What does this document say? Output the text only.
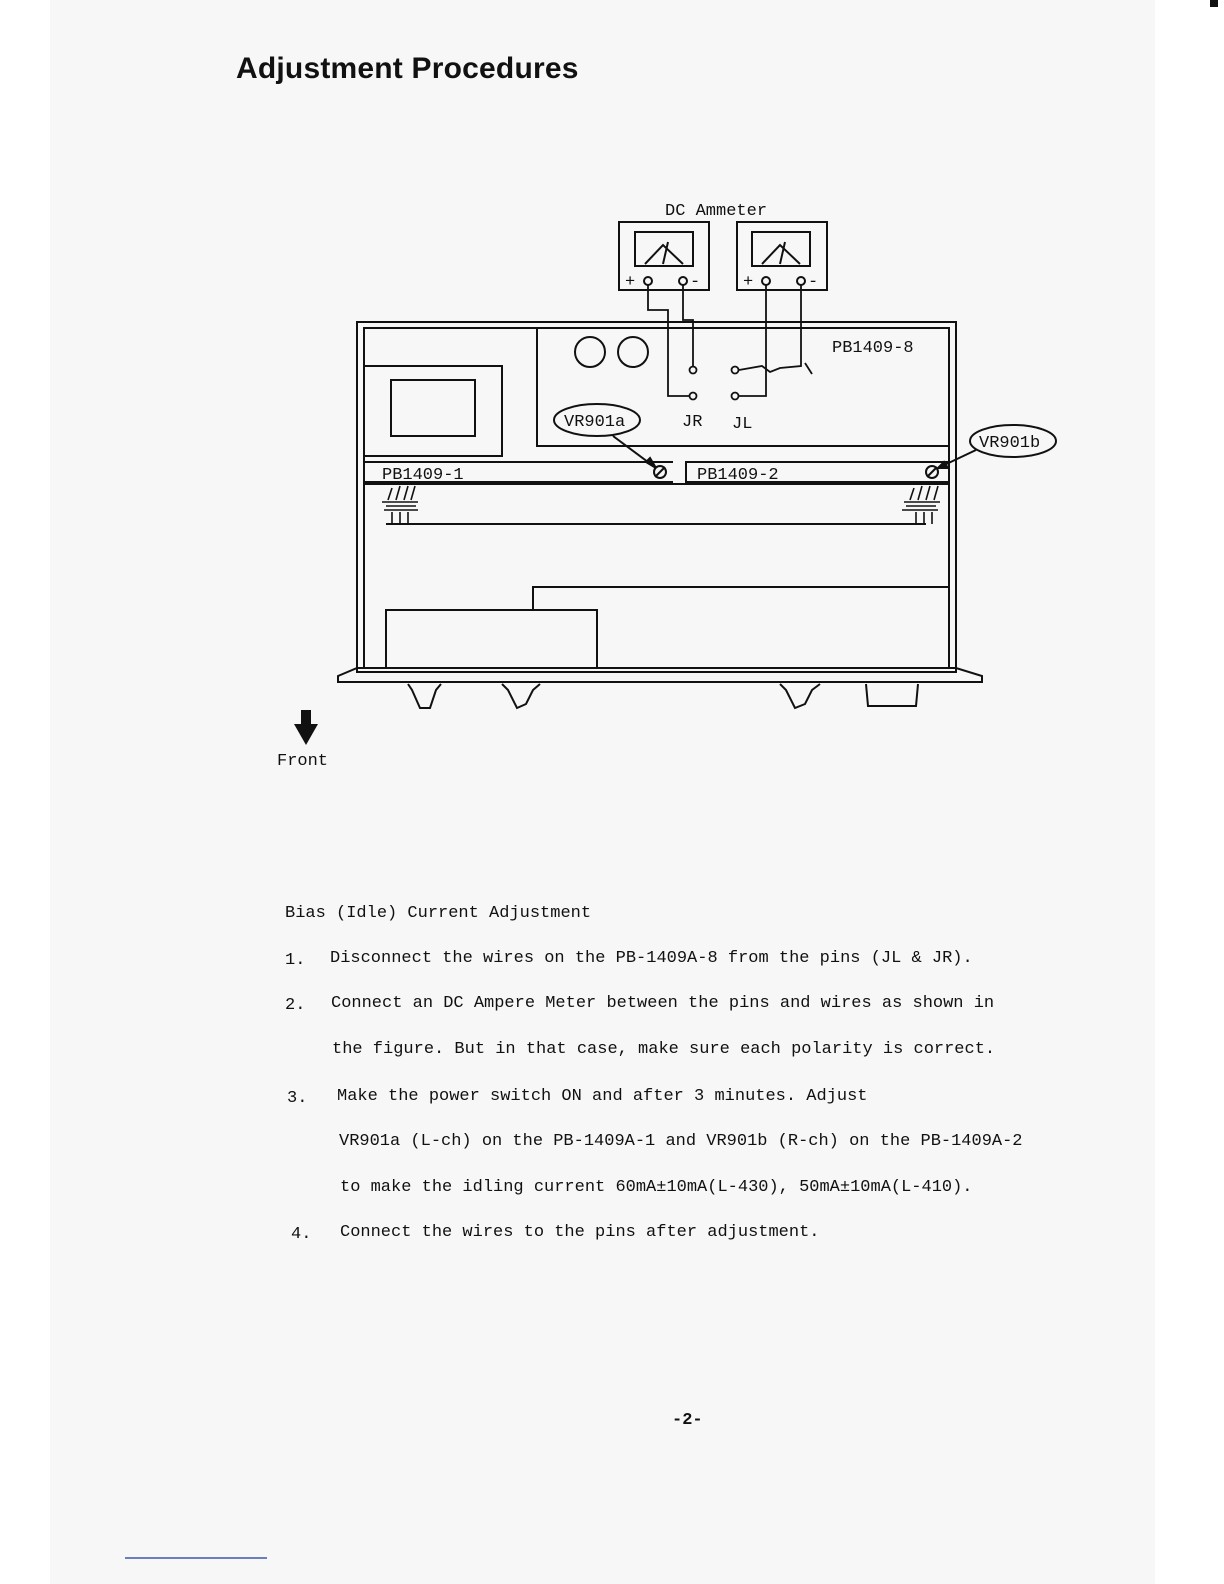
Adjustment Procedures
DC Ammeter
+	-	+	-
PB1409-1	PB1409-2
PB1409-8
VR901a
VR901b
JR JL
Front
Bias (Idle) Current Adjustment
1. Disconnect the wires on the PB-1409A-8 from the pins (JL & JR).
2. Connect an DC Ampere Meter between the pins and wires as shown in
the figure. But in that case, make sure each polarity is correct.
3. Make the power switch ON and after 3 minutes. Adjust
VR901a (L-ch) on the PB-1409A-1 and VR901b (R-ch) on the PB-1409A-2
to make the idling current 60mA±10mA(L-430), 50mA±10mA(L-410).
4. Connect the wires to the pins after adjustment.
-2-
